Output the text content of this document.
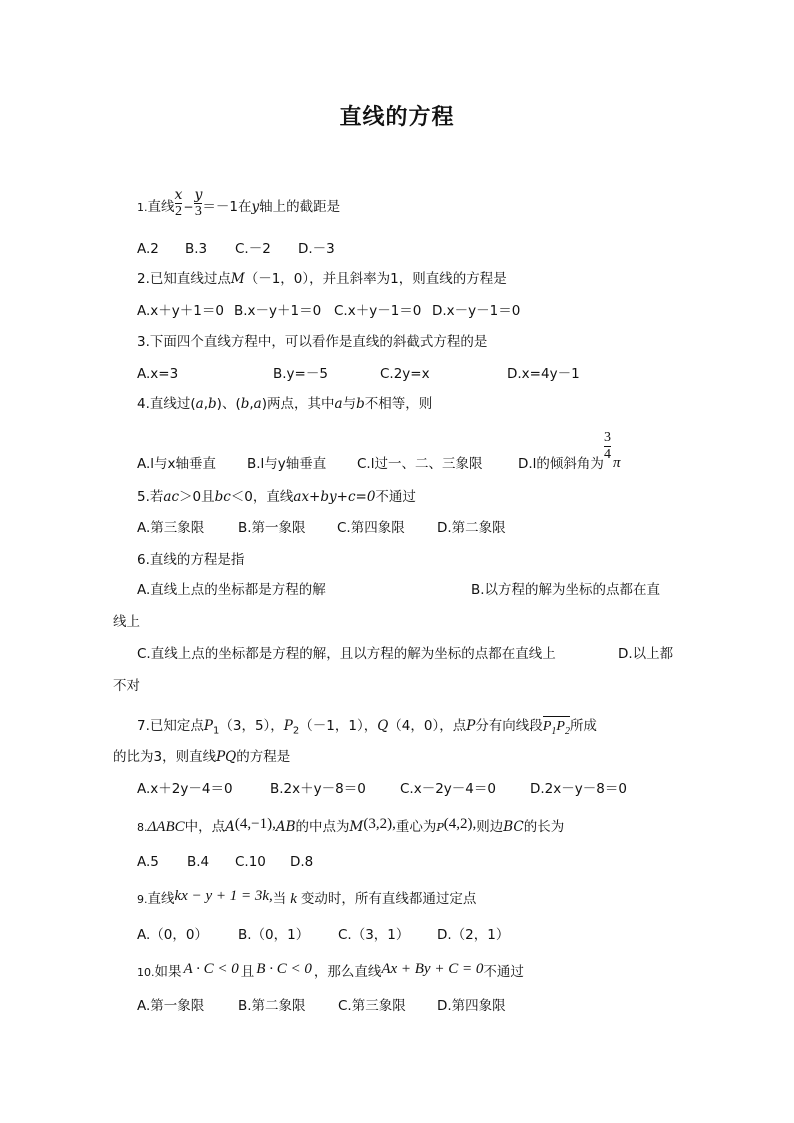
直线的方程
1.直线 $\frac{x}{2} - \frac{y}{3} =-1$在y轴上的截距是
A.2 B.3 C.－2 D.－3
2.已知直线过点M（－1，0），并且斜率为1，则直线的方程是
A.x＋y＋1＝0 B.x－y＋1＝0 C.x＋y－1＝0 D.x－y－1＝0
3.下面四个直线方程中，可以看作是直线的斜截式方程的是
A.x=3	B.y=－5	C.2y=x	D.x=4y－1
4.直线过(a,b)、(b,a)两点，其中a与b不相等，则
A.l与x轴垂直 B.l与y轴垂直 C.l过一、二、三象限	D.l的倾斜角为
$\frac{3}{4}$ π
5.若ac＞0且bc＜0，直线ax+by+c=0不通过
A.第三象限 B.第一象限 C.第四象限 D.第二象限
6.直线的方程是指
A.直线上点的坐标都是方程的解	B.以方程的解为坐标的点都在直
线上
C.直线上点的坐标都是方程的解，且以方程的解为坐标的点都在直线上	D.以上都
不对
7.已知定点$P_1(3$，5），$P_2(-1$，1），Q（4，0），点P分有向线段$P_1P_2$所成
的比为3，则直线PQ的方程是
A.x＋2y－4＝0	B.2x＋y－8＝0	C.x－2y－4＝0	D.2x－y－8＝0
8.ΔABC中，点A(4,−1),AB的中点为M(3,2),重心为P(4,2),则边BC的长为
A.5 B.4 C.10 D.8
9.直线kx − y + 1 = 3k,当 k 变动时，所有直线都通过定点
A.（0，0） B.（0，1） C.（3，1） D.（2，1）
10.如果 A · C < 0 且 B · C < 0 ，那么直线Ax + By + C = 0不通过
A.第一象限 B.第二象限 C.第三象限 D.第四象限
